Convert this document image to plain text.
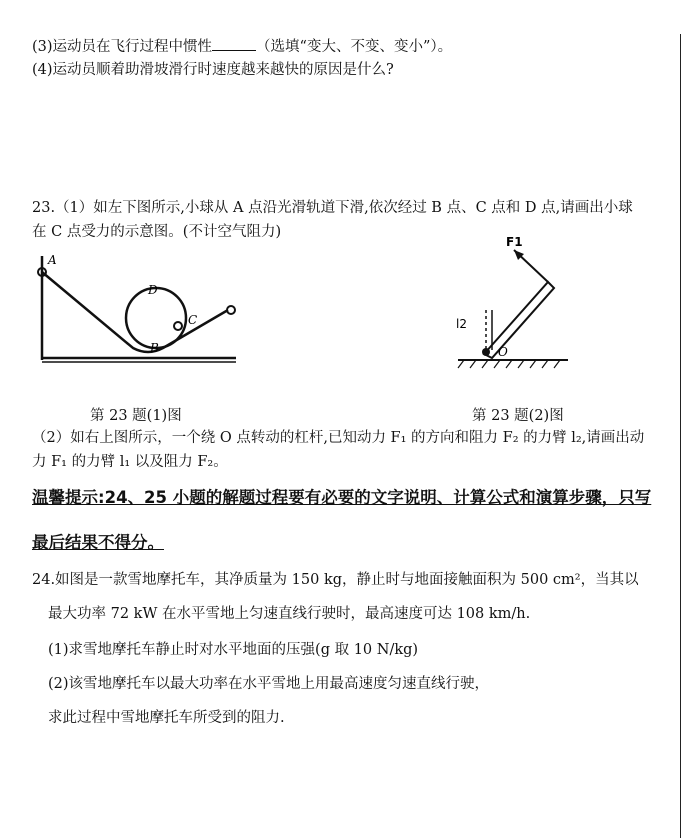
(3)运动员在飞行过程中惯性	（选填“变大、不变、变小”）。
(4)运动员顺着助滑坡滑行时速度越来越快的原因是什么?
23.（1）如左下图所示,小球从 A 点沿光滑轨道下滑,依次经过 B 点、C 点和 D 点,请画出小球
在 C 点受力的示意图。(不计空气阻力)
A
D
C
B
F1
l2
O
第 23 题(1)图	第 23 题(2)图
（2）如右上图所示，一个绕 O 点转动的杠杆,已知动力 F₁ 的方向和阻力 F₂ 的力臂 l₂,请画出动
力 F₁ 的力臂 l₁ 以及阻力 F₂。
温馨提示:24、25 小题的解题过程要有必要的文字说明、计算公式和演算步骤，只写
最后结果不得分。
24.如图是一款雪地摩托车，其净质量为 150 kg，静止时与地面接触面积为 500 cm²，当其以
最大功率 72 kW 在水平雪地上匀速直线行驶时，最高速度可达 108 km/h.
(1)求雪地摩托车静止时对水平地面的压强(g 取 10 N/kg)
(2)该雪地摩托车以最大功率在水平雪地上用最高速度匀速直线行驶，
求此过程中雪地摩托车所受到的阻力.
